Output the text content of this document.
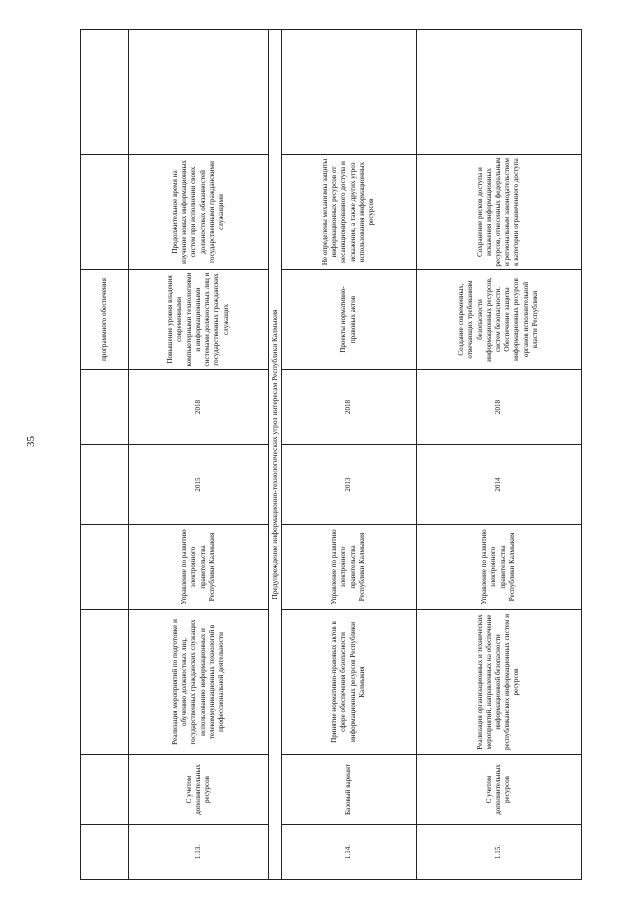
35
						программного обеспечения		
1.13.	С учетом дополнительных ресурсов	Реализация мероприятий по подготовке и обучению должностных лиц, государственных гражданских служащих использованию информационных и телекоммуникационных технологий в профессиональной деятельности	Управление по развитию электронного правительства Республики Калмыкия	2015	2018	Повышение уровня владения современными компьютерными технологиями и информационными системами должностных лиц и государственных гражданских служащих	Продолжительное время на изучение новых информационных систем при исполнении своих должностных обязанностей государственными гражданскими служащими	
Предупреждение информационно-технологических угроз интересам Республики Калмыкия								
1.14.	Базовый вариант	Принятие нормативно-правовых актов в сфере обеспечения безопасности информационных ресурсов Республики Калмыкия	Управление по развитию электронного правительства Республики Калмыкия	2013	2018	Проекты нормативно-правовых актов	Не определены механизмы защиты информационных ресурсов от несанкционированного доступа и искажения, а также других угроз использования информационных ресурсов	
1.15.	С учетом дополнительных ресурсов	Реализация организационных и технических мероприятий, направленных на обеспечение информационной безопасности республиканских информационных систем и ресурсов	Управление по развитию электронного правительства Республики Калмыкия	2014	2018	Создание современных, отвечающих требованиям безопасности информационных ресурсов, систем безопасности. Обеспечение защиты информационных ресурсов органов исполнительной власти Республики	Сохранение рисков доступа и искажения информационных ресурсов, отнесенных федеральным и региональным законодательством к категории ограниченного доступа	
